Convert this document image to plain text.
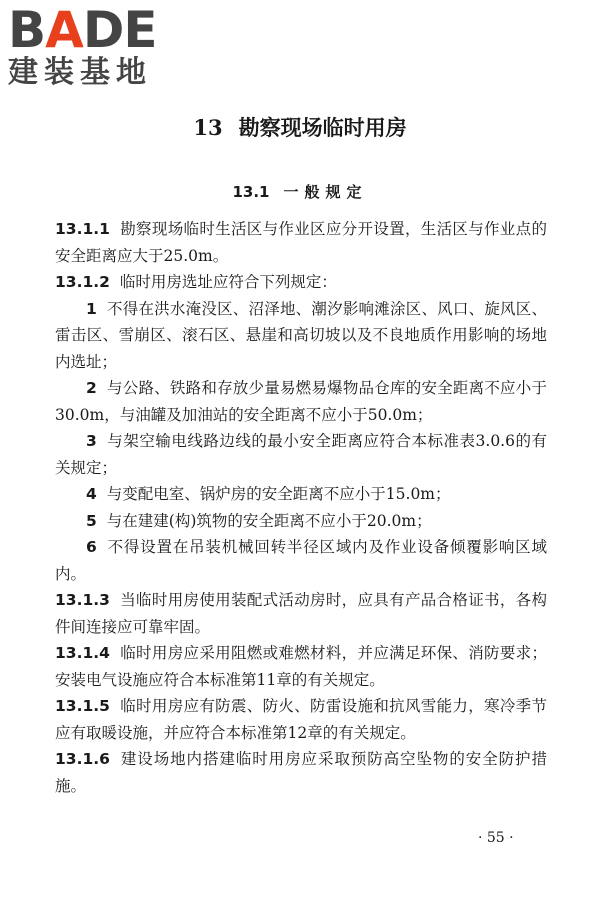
BADE
建装基地
13 勘察现场临时用房
13.1 一般规定

13.1.1 勘察现场临时生活区与作业区应分开设置，生活区与作业点的安全距离应大于25.0m。

13.1.2 临时用房选址应符合下列规定：

1 不得在洪水淹没区、沼泽地、潮汐影响滩涂区、风口、旋风区、雷击区、雪崩区、滚石区、悬崖和高切坡以及不良地质作用影响的场地内选址；

2 与公路、铁路和存放少量易燃易爆物品仓库的安全距离不应小于30.0m，与油罐及加油站的安全距离不应小于50.0m；

3 与架空输电线路边线的最小安全距离应符合本标准表3.0.6的有关规定；

4 与变配电室、锅炉房的安全距离不应小于15.0m；

5 与在建建(构)筑物的安全距离不应小于20.0m；

6 不得设置在吊装机械回转半径区域内及作业设备倾覆影响区域内。

13.1.3 当临时用房使用装配式活动房时，应具有产品合格证书，各构件间连接应可靠牢固。

13.1.4 临时用房应采用阻燃或难燃材料，并应满足环保、消防要求；安装电气设施应符合本标准第11章的有关规定。

13.1.5 临时用房应有防震、防火、防雷设施和抗风雪能力，寒冷季节应有取暖设施，并应符合本标准第12章的有关规定。

13.1.6 建设场地内搭建临时用房应采取预防高空坠物的安全防护措施。

· 55 ·
